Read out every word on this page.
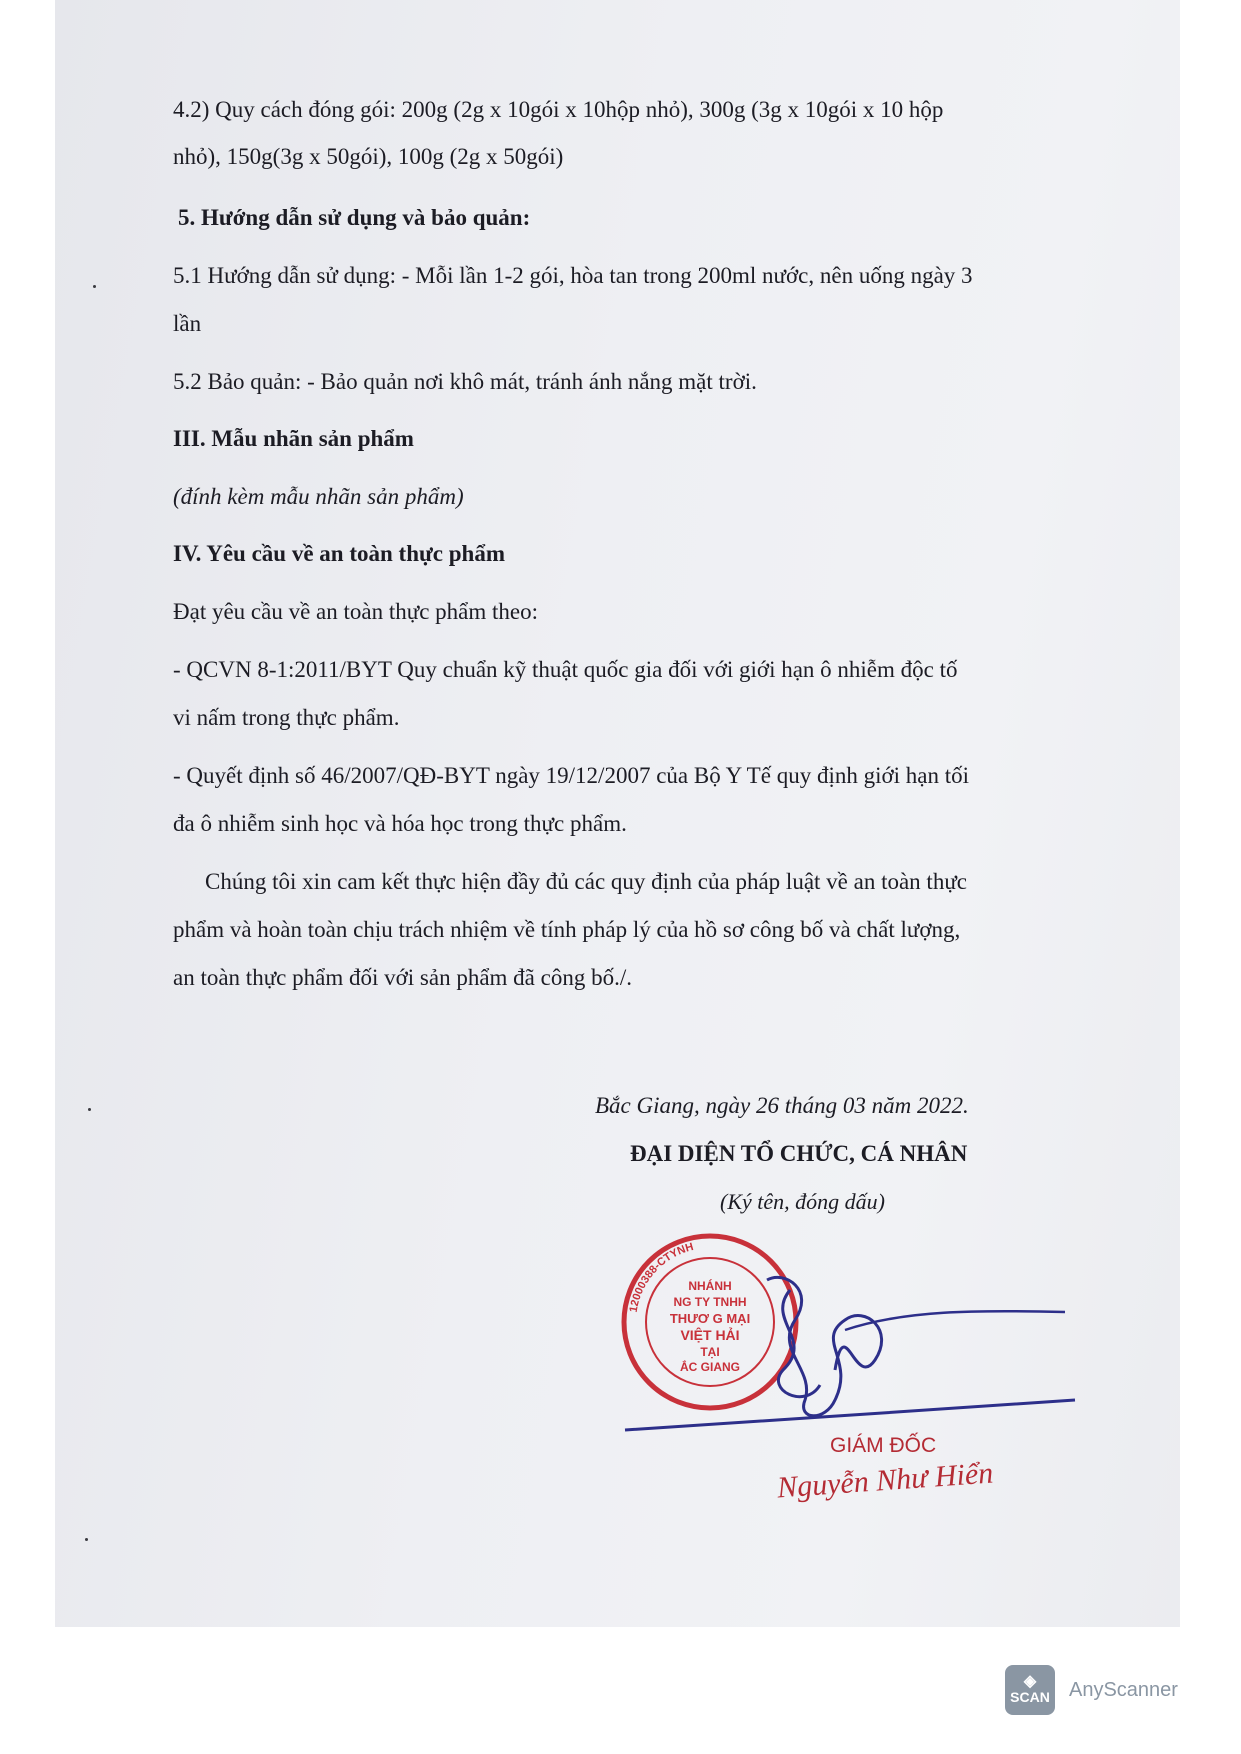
4.2) Quy cách đóng gói: 200g (2g x 10gói x 10hộp nhỏ), 300g (3g x 10gói x 10 hộp

nhỏ), 150g(3g x 50gói), 100g (2g x 50gói)

5. Hướng dẫn sử dụng và bảo quản:

5.1 Hướng dẫn sử dụng: - Mỗi lần 1-2 gói, hòa tan trong 200ml nước, nên uống ngày 3

lần

5.2 Bảo quản: - Bảo quản nơi khô mát, tránh ánh nắng mặt trời.

III. Mẫu nhãn sản phẩm

(đính kèm mẫu nhãn sản phẩm)

IV. Yêu cầu về an toàn thực phẩm

Đạt yêu cầu về an toàn thực phẩm theo:

- QCVN 8-1:2011/BYT Quy chuẩn kỹ thuật quốc gia đối với giới hạn ô nhiễm độc tố

vi nấm trong thực phẩm.

- Quyết định số 46/2007/QĐ-BYT ngày 19/12/2007 của Bộ Y Tế quy định giới hạn tối

đa ô nhiễm sinh học và hóa học trong thực phẩm.

Chúng tôi xin cam kết thực hiện đầy đủ các quy định của pháp luật về an toàn thực

phẩm và hoàn toàn chịu trách nhiệm về tính pháp lý của hồ sơ công bố và chất lượng,

an toàn thực phẩm đối với sản phẩm đã công bố./.

Bắc Giang, ngày 26 tháng 03 năm 2022.
ĐẠI DIỆN TỔ CHỨC, CÁ NHÂN
(Ký tên, đóng dấu)
12000388-CTYNH
NHÁNH
NG TY TNHH
THƯƠ G MẠI
VIỆT HẢI
TẠI
ẮC GIANG
GIÁM ĐỐC
Nguyễn Như Hiển
◈
SCAN AnyScanner
